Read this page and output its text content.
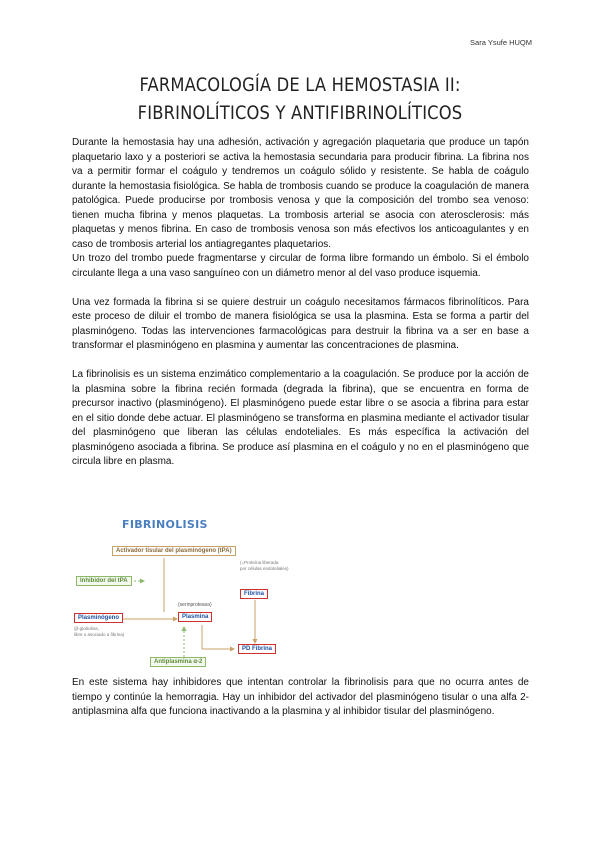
Sara Ysufe HUQM
FARMACOLOGÍA DE LA HEMOSTASIA II: FIBRINOLÍTICOS Y ANTIFIBRINOLÍTICOS

Durante la hemostasia hay una adhesión, activación y agregación plaquetaria que produce un tapón plaquetario laxo y a posteriori se activa la hemostasia secundaria para producir fibrina. La fibrina nos va a permitir formar el coágulo y tendremos un coágulo sólido y resistente. Se habla de coágulo durante la hemostasia fisiológica. Se habla de trombosis cuando se produce la coagulación de manera patológica. Puede producirse por trombosis venosa y que la composición del trombo sea venoso: tienen mucha fibrina y menos plaquetas. La trombosis arterial se asocia con aterosclerosis: más plaquetas y menos fibrina. En caso de trombosis venosa son más efectivos los anticoagulantes y en caso de trombosis arterial los antiagregantes plaquetarios.

Un trozo del trombo puede fragmentarse y circular de forma libre formando un émbolo. Si el émbolo circulante llega a una vaso sanguíneo con un diámetro menor al del vaso produce isquemia.

Una vez formada la fibrina si se quiere destruir un coágulo necesitamos fármacos fibrinolíticos. Para este proceso de diluir el trombo de manera fisiológica se usa la plasmina. Esta se forma a partir del plasminógeno. Todas las intervenciones farmacológicas para destruir la fibrina va a ser en base a transformar el plasminógeno en plasmina y aumentar las concentraciones de plasmina.

La fibrinolisis es un sistema enzimático complementario a la coagulación. Se produce por la acción de la plasmina sobre la fibrina recién formada (degrada la fibrina), que se encuentra en forma de precursor inactivo (plasminógeno). El plasminógeno puede estar libre o se asocia a fibrina para estar en el sitio donde debe actuar. El plasminógeno se transforma en plasmina mediante el activador tisular del plasminógeno que liberan las células endoteliales. Es más específica la activación del plasminógeno asociada a fibrina. Se produce así plasmina en el coágulo y no en el plasminógeno que circula libre en plasma.

FIBRINOLISIS
Activador tisular del plasminógeno (tPA)
(=Proteína liberada
por células endoteliales)
Inhibidor del tPA
Plasminógeno
(β-globulina,
libre o asociado a fibrina)
(serinproteasa)
Plasmina
Fibrina
Antiplasmina α-2
PD Fibrina
En este sistema hay inhibidores que intentan controlar la fibrinolisis para que no ocurra antes de tiempo y continúe la hemorragia. Hay un inhibidor del activador del plasminógeno tisular o una alfa 2-antiplasmina alfa que funciona inactivando a la plasmina y al inhibidor tisular del plasminógeno.
